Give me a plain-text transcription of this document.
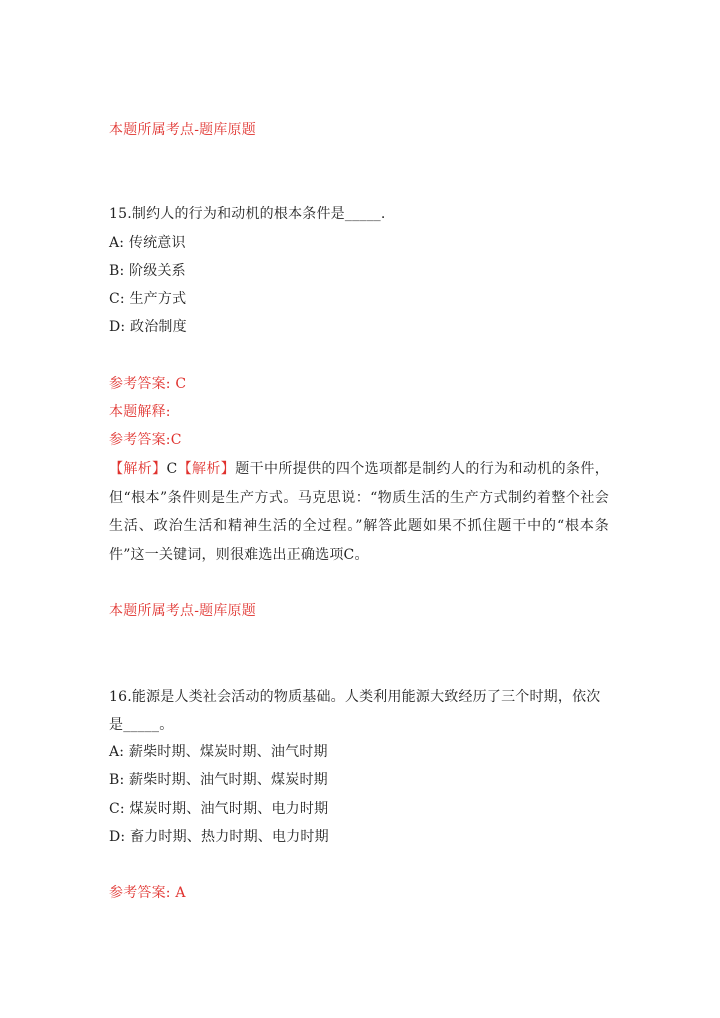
本题所属考点-题库原题
15.制约人的行为和动机的根本条件是_____.
A: 传统意识
B: 阶级关系
C: 生产方式
D: 政治制度
参考答案: C
本题解释:
参考答案:C
【解析】C【解析】题干中所提供的四个选项都是制约人的行为和动机的条件，但“根本”条件则是生产方式。马克思说：“物质生活的生产方式制约着整个社会生活、政治生活和精神生活的全过程。”解答此题如果不抓住题干中的“根本条件”这一关键词，则很难选出正确选项C。
本题所属考点-题库原题
16.能源是人类社会活动的物质基础。人类利用能源大致经历了三个时期，依次
是_____。
A: 薪柴时期、煤炭时期、油气时期
B: 薪柴时期、油气时期、煤炭时期
C: 煤炭时期、油气时期、电力时期
D: 畜力时期、热力时期、电力时期
参考答案: A
